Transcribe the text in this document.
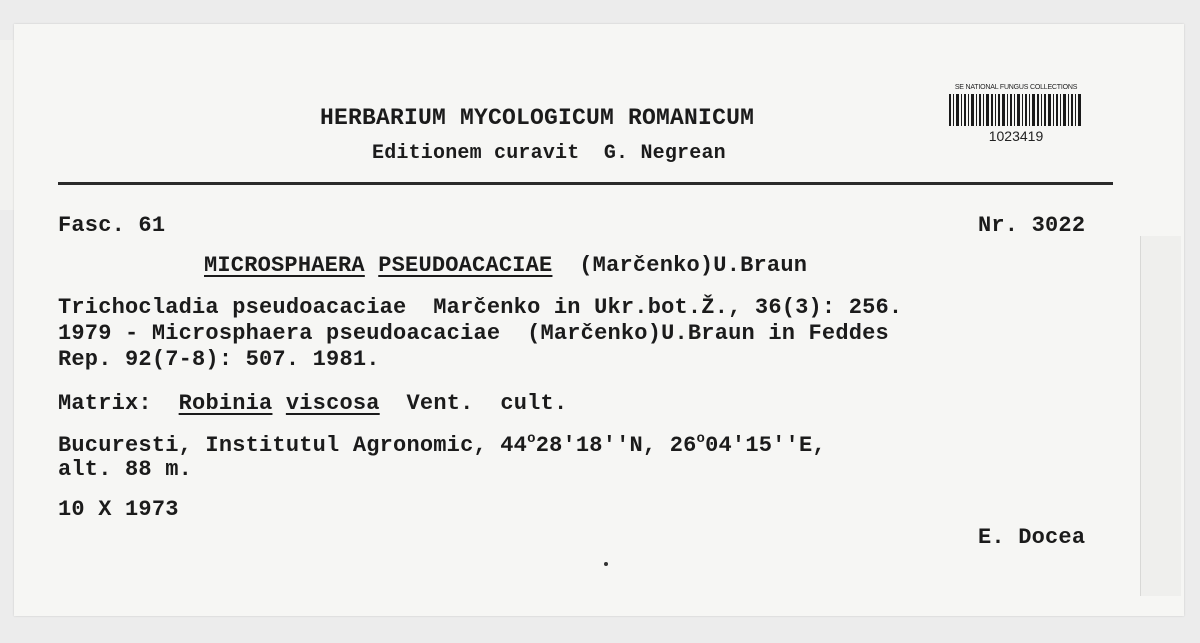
HERBARIUM MYCOLOGICUM ROMANICUM
Editionem curavit  G. Negrean
SE NATIONAL FUNGUS COLLECTIONS
1023419
Fasc. 61	Nr. 3022
MICROSPHAERA PSEUDOACACIAE (Marčenko)U.Braun
Trichocladia pseudoacaciae  Marčenko in Ukr.bot.Ž., 36(3): 256.
1979 - Microsphaera pseudoacaciae  (Marčenko)U.Braun in Feddes
Rep. 92(7-8): 507. 1981.
Matrix: Robinia viscosa Vent.  cult.
Bucuresti, Institutul Agronomic, 44$^o$28'18''N, 26$^o$04'15''E,
alt. 88 m.
10 X 1973
E. Docea
